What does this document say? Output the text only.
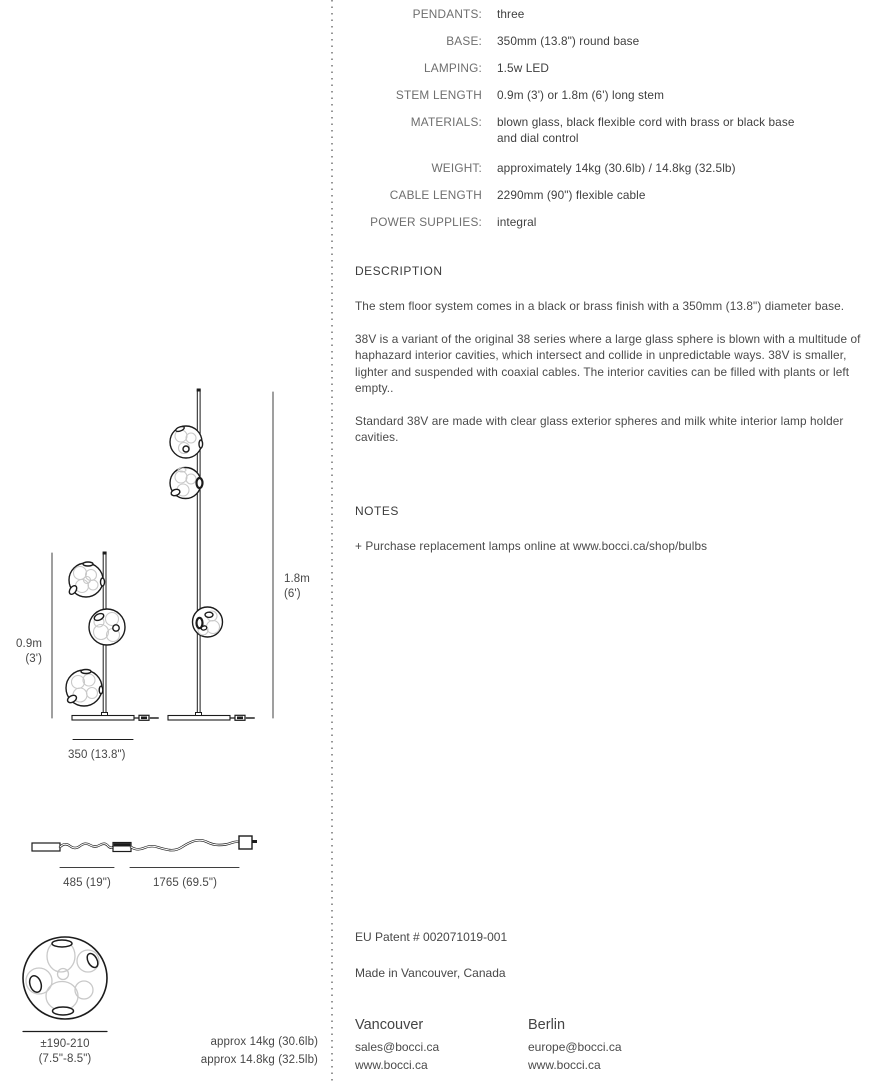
PENDANTS: three
BASE: 350mm (13.8") round base
LAMPING: 1.5w LED
STEM LENGTH 0.9m (3') or 1.8m (6') long stem
MATERIALS: blown glass, black flexible cord with brass or black base and dial control
WEIGHT: approximately 14kg (30.6lb) / 14.8kg (32.5lb)
CABLE LENGTH 2290mm (90") flexible cable
POWER SUPPLIES: integral
DESCRIPTION

The stem floor system comes in a black or brass finish with a 350mm (13.8") diameter base.

38V is a variant of the original 38 series where a large glass sphere is blown with a multitude of haphazard interior cavities, which intersect and collide in unpredictable ways. 38V is smaller, lighter and suspended with coaxial cables. The interior cavities can be filled with plants or left empty..

Standard 38V are made with clear glass exterior spheres and milk white interior lamp holder cavities.

NOTES

+ Purchase replacement lamps online at www.bocci.ca/shop/bulbs

EU Patent # 002071019-001
Made in Vancouver, Canada
Vancouver
sales@bocci.ca
www.bocci.ca
Berlin
europe@bocci.ca
www.bocci.ca
0.9m
(3')
1.8m
(6')
350 (13.8")
485 (19")	1765 (69.5")
±190-210
(7.5"-8.5")
approx 14kg (30.6lb)
approx 14.8kg (32.5lb)
